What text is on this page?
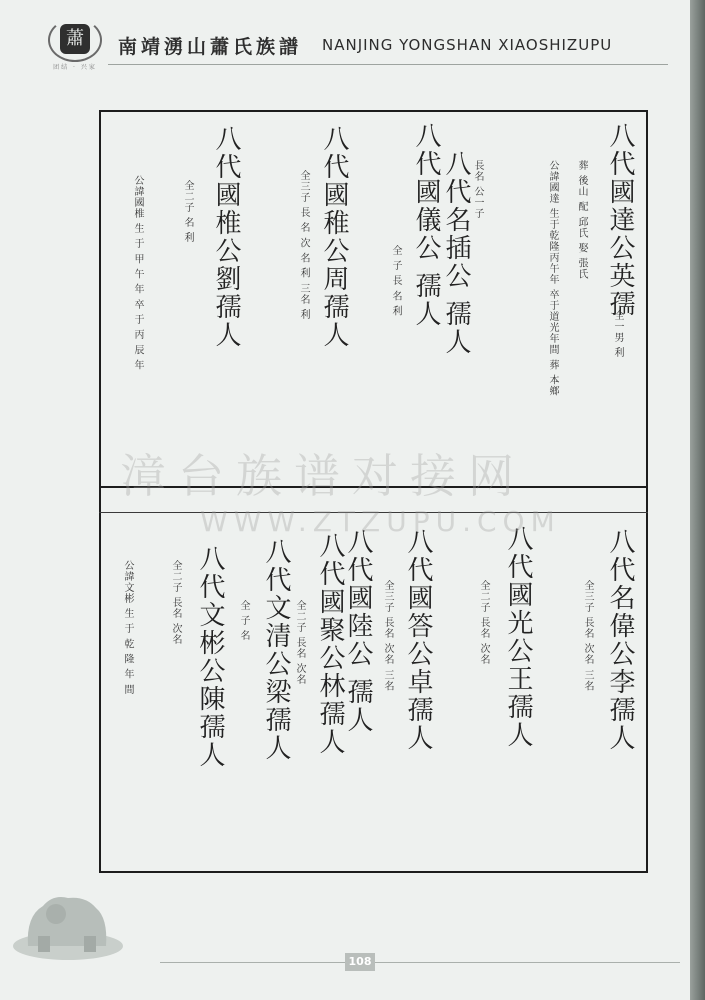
蕭
团结 · 兴家
南靖湧山蕭氏族譜 NANJING YONGSHAN XIAOSHIZUPU
八代國達公英孺
全一男 利
葬 後山 配 邱氏 娶 張氏
公諱國達 生于乾隆丙午年 卒于道光年間 葬 本鄉
八代國儀公 孺人
全 子 長 名 利 八代名插公 孺人 長名 公一子
八代國稚公周孺人
全三子 長 名 次 名 利 三名 利
八代國椎公劉孺人
全二子 名 利
公諱國椎 生 于 甲 午 年 卒 于 丙 辰 年
八代名偉公李孺人
全三子 長名 次名 三名
八代國光公王孺人
全二子 長名 次名
八代國答公卓孺人
全三子 長名 次名 三名
八代國陸公 孺人
八代國聚公林孺人
全二子 長名 次名
八代文清公梁孺人
全 子 名
八代文彬公陳孺人
全二子 長名 次名
公諱文彬 生 于 乾 隆 年 間
漳台族谱对接网
WWW.ZTZUPU.COM
108
